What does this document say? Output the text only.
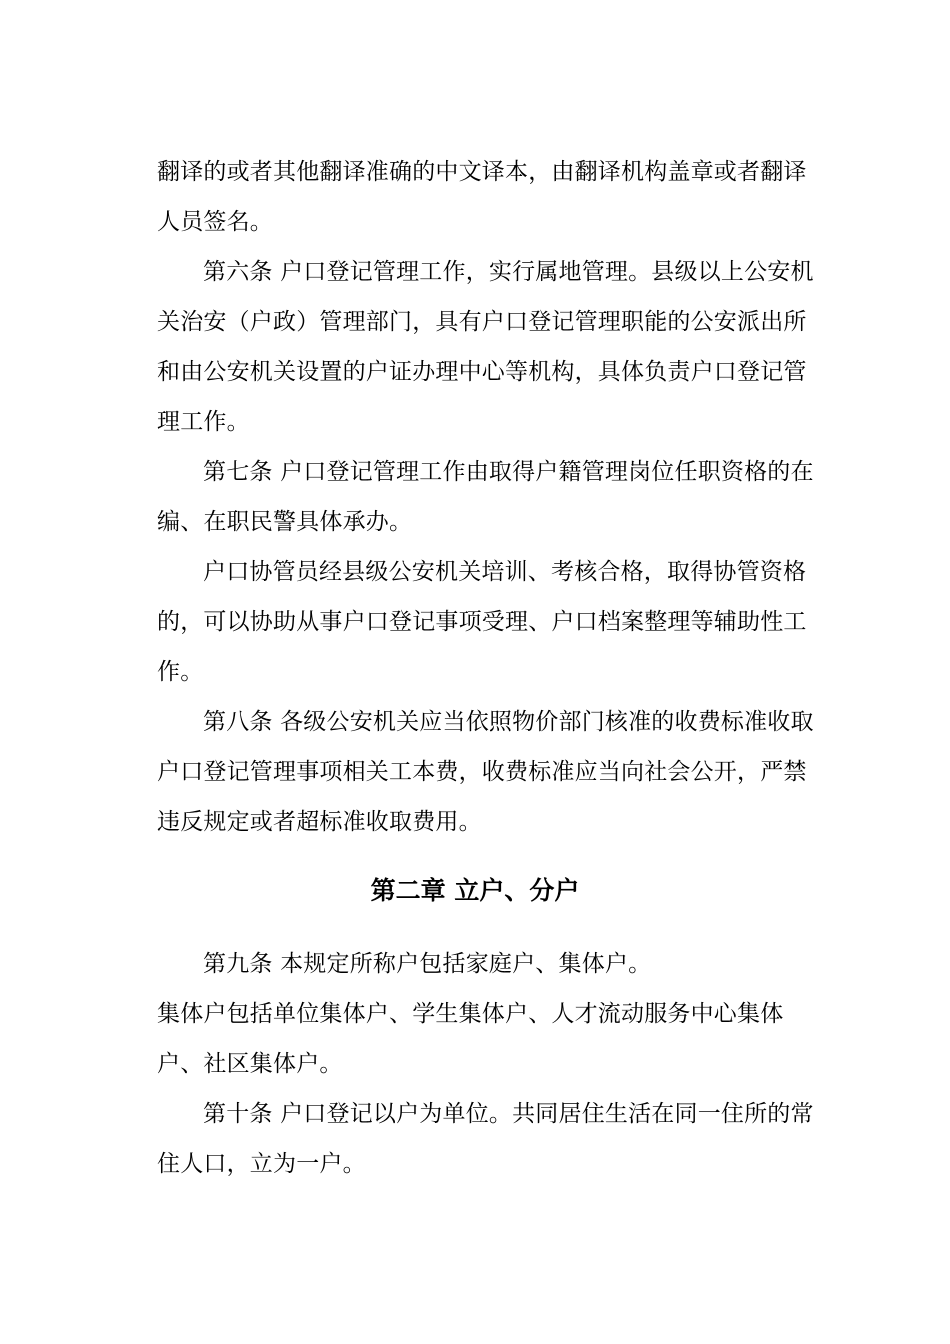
翻译的或者其他翻译准确的中文译本，由翻译机构盖章或者翻译
人员签名。
第六条 户口登记管理工作，实行属地管理。县级以上公安机
关治安（户政）管理部门，具有户口登记管理职能的公安派出所
和由公安机关设置的户证办理中心等机构，具体负责户口登记管
理工作。
第七条 户口登记管理工作由取得户籍管理岗位任职资格的在
编、在职民警具体承办。
户口协管员经县级公安机关培训、考核合格，取得协管资格
的，可以协助从事户口登记事项受理、户口档案整理等辅助性工
作。
第八条 各级公安机关应当依照物价部门核准的收费标准收取
户口登记管理事项相关工本费，收费标准应当向社会公开，严禁
违反规定或者超标准收取费用。
第二章 立户、分户
第九条 本规定所称户包括家庭户、集体户。
集体户包括单位集体户、学生集体户、人才流动服务中心集体
户、社区集体户。
第十条 户口登记以户为单位。共同居住生活在同一住所的常
住人口，立为一户。
